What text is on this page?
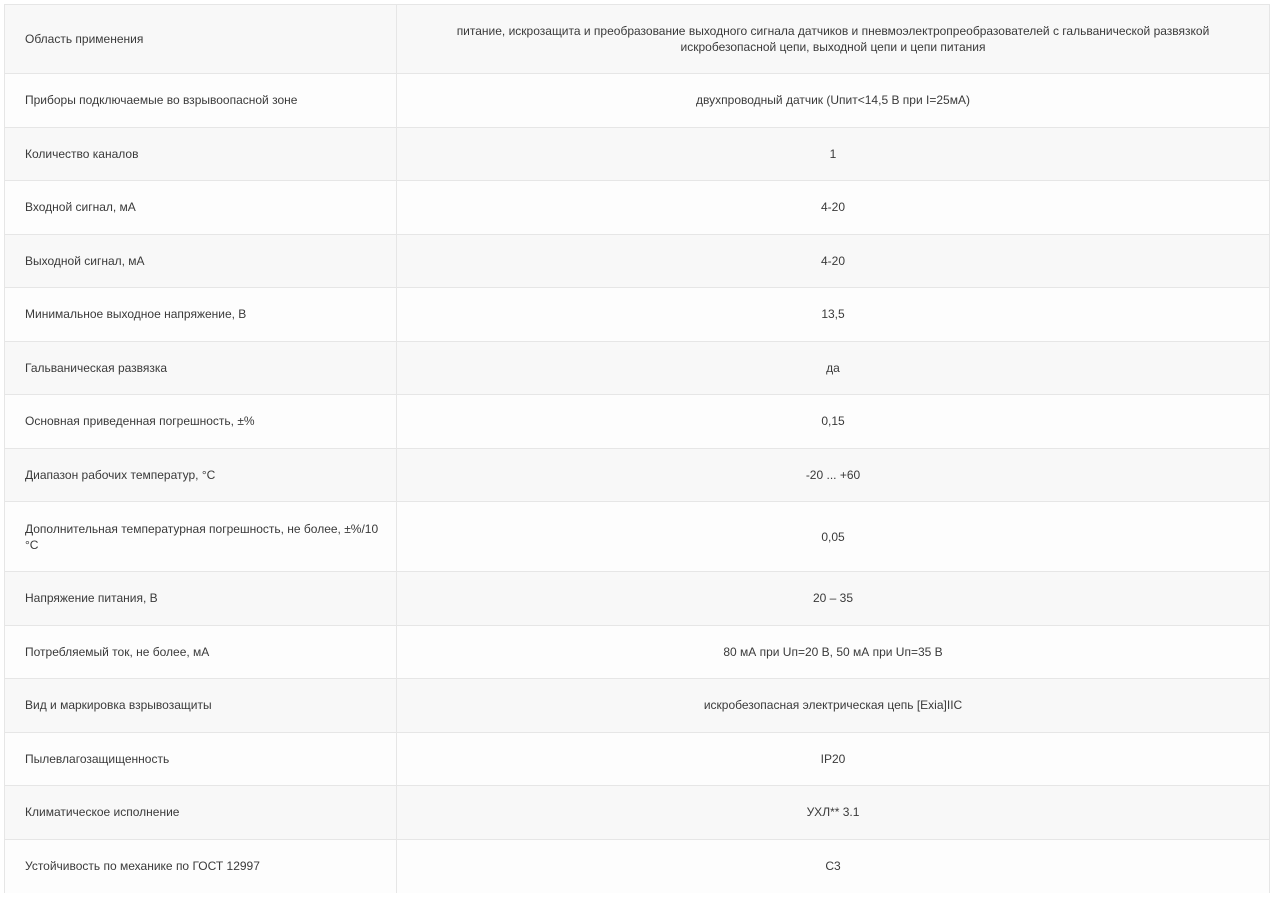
Область применения	питание, искрозащита и преобразование выходного сигнала датчиков и пневмоэлектропреобразователей с гальванической развязкой искробезопасной цепи, выходной цепи и цепи питания
Приборы подключаемые во взрывоопасной зоне	двухпроводный датчик (Uпит<14,5 В при I=25мА)
Количество каналов	1
Входной сигнал, мА	4-20
Выходной сигнал, мА	4-20
Минимальное выходное напряжение, В	13,5
Гальваническая развязка	да
Основная приведенная погрешность, ±%	0,15
Диапазон рабочих температур, °С	-20 ... +60
Дополнительная температурная погрешность, не более, ±%/10 °С	0,05
Напряжение питания, В	20 – 35
Потребляемый ток, не более, мА	80 мА при Uп=20 В, 50 мА при Uп=35 В
Вид и маркировка взрывозащиты	искробезопасная электрическая цепь [Exia]IIC
Пылевлагозащищенность	IP20
Климатическое исполнение	УХЛ** 3.1
Устойчивость по механике по ГОСТ 12997	С3
